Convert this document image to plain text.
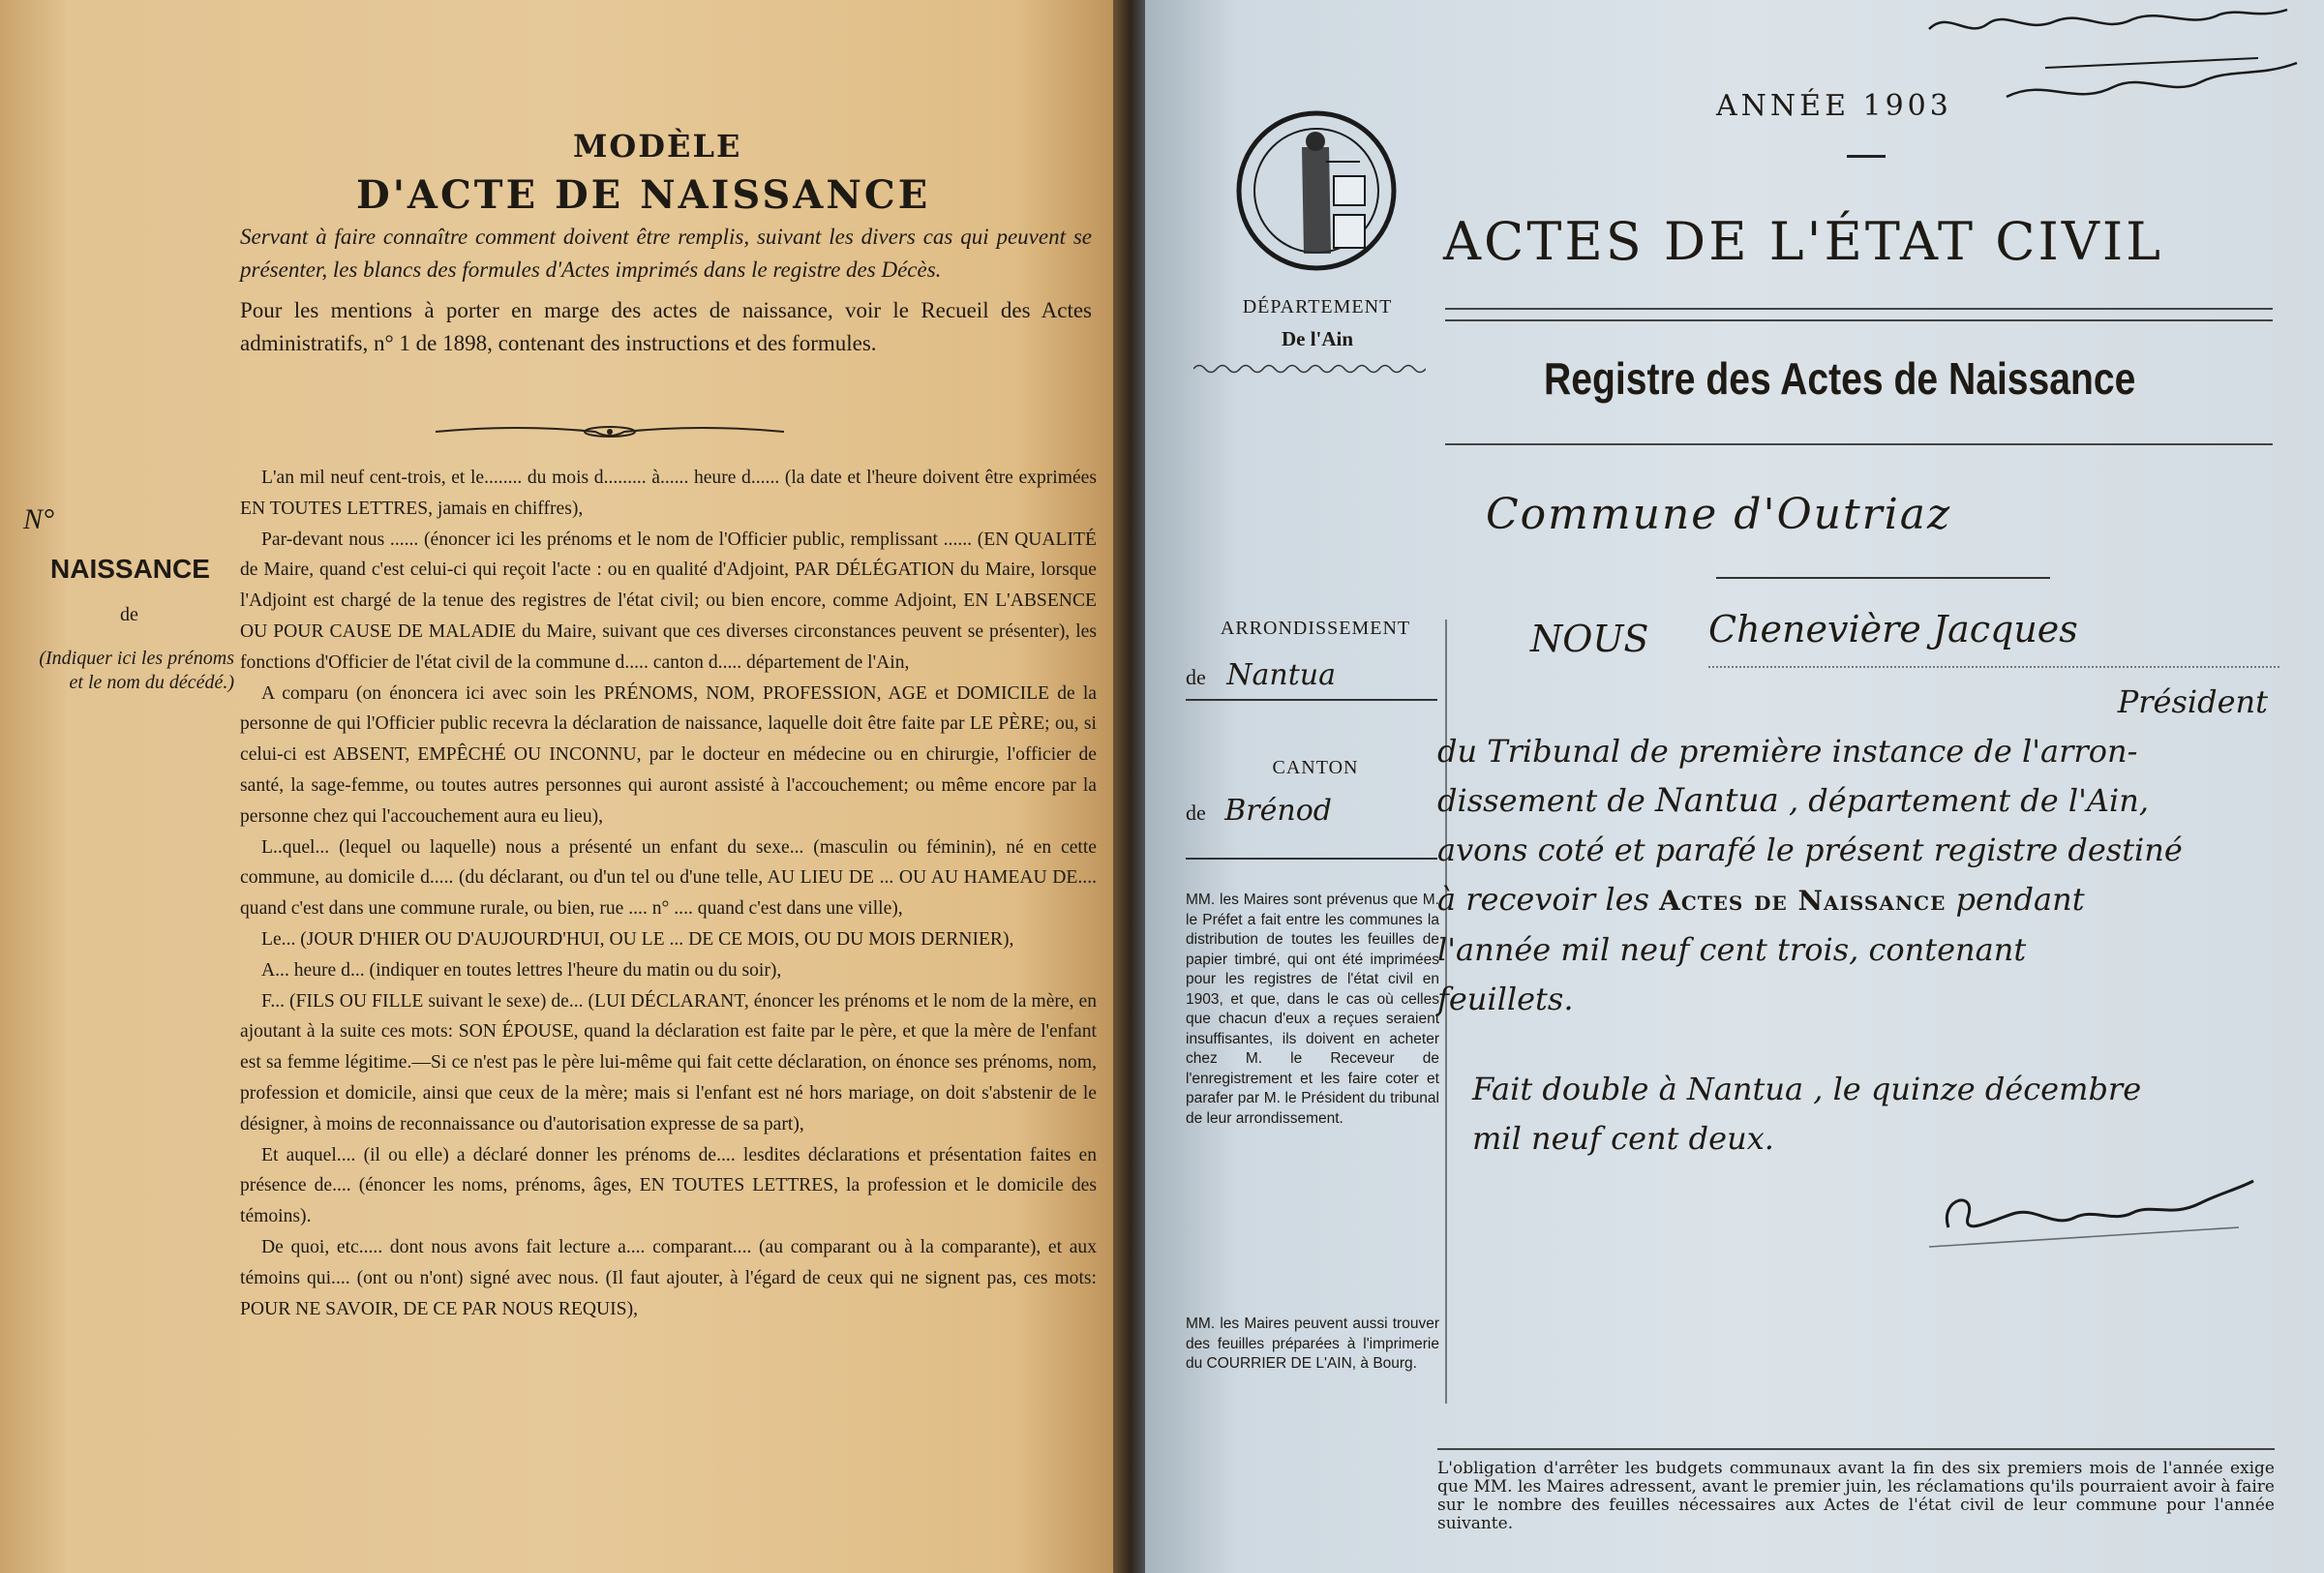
MODÈLE
D'ACTE DE NAISSANCE

Servant à faire connaître comment doivent être remplis, suivant les divers cas qui peuvent se présenter, les blancs des formules d'Actes imprimés dans le registre des Décès.

Pour les mentions à porter en marge des actes de naissance, voir le Recueil des Actes administratifs, n° 1 de 1898, contenant des instructions et des formules.

N°
NAISSANCE
de
(Indiquer ici les prénoms et le nom du décédé.)

L'an mil neuf cent-trois, et le........ du mois d......... à...... heure d...... (la date et l'heure doivent être exprimées EN TOUTES LETTRES, jamais en chiffres),

Par-devant nous ...... (énoncer ici les prénoms et le nom de l'Officier public, remplissant ...... (EN QUALITÉ de Maire, quand c'est celui-ci qui reçoit l'acte : ou en qualité d'Adjoint, PAR DÉLÉGATION du Maire, lorsque l'Adjoint est chargé de la tenue des registres de l'état civil; ou bien encore, comme Adjoint, EN L'ABSENCE OU POUR CAUSE DE MALADIE du Maire, suivant que ces diverses circonstances peuvent se présenter), les fonctions d'Officier de l'état civil de la commune d..... canton d..... département de l'Ain,

A comparu (on énoncera ici avec soin les PRÉNOMS, NOM, PROFESSION, AGE et DOMICILE de la personne de qui l'Officier public recevra la déclaration de naissance, laquelle doit être faite par LE PÈRE; ou, si celui-ci est ABSENT, EMPÊCHÉ OU INCONNU, par le docteur en médecine ou en chirurgie, l'officier de santé, la sage-femme, ou toutes autres personnes qui auront assisté à l'accouchement; ou même encore par la personne chez qui l'accouchement aura eu lieu),

L..quel... (lequel ou laquelle) nous a présenté un enfant du sexe... (masculin ou féminin), né en cette commune, au domicile d..... (du déclarant, ou d'un tel ou d'une telle, AU LIEU DE ... OU AU HAMEAU DE.... quand c'est dans une commune rurale, ou bien, rue .... n° .... quand c'est dans une ville),

Le... (JOUR D'HIER OU D'AUJOURD'HUI, OU LE ... DE CE MOIS, OU DU MOIS DERNIER),

A... heure d... (indiquer en toutes lettres l'heure du matin ou du soir),

F... (FILS OU FILLE suivant le sexe) de... (LUI DÉCLARANT, énoncer les prénoms et le nom de la mère, en ajoutant à la suite ces mots: SON ÉPOUSE, quand la déclaration est faite par le père, et que la mère de l'enfant est sa femme légitime.—Si ce n'est pas le père lui-même qui fait cette déclaration, on énonce ses prénoms, nom, profession et domicile, ainsi que ceux de la mère; mais si l'enfant est né hors mariage, on doit s'abstenir de le désigner, à moins de reconnaissance ou d'autorisation expresse de sa part),

Et auquel.... (il ou elle) a déclaré donner les prénoms de.... lesdites déclarations et présentation faites en présence de.... (énoncer les noms, prénoms, âges, EN TOUTES LETTRES, la profession et le domicile des témoins).

De quoi, etc..... dont nous avons fait lecture a.... comparant.... (au comparant ou à la comparante), et aux témoins qui.... (ont ou n'ont) signé avec nous. (Il faut ajouter, à l'égard de ceux qui ne signent pas, ces mots: POUR NE SAVOIR, DE CE PAR NOUS REQUIS),

DÉPARTEMENT
De l'Ain
ARRONDISSEMENT
de Nantua
CANTON
de Brénod
MM. les Maires sont prévenus que M. le Préfet a fait entre les communes la distribution de toutes les feuilles de papier timbré, qui ont été imprimées pour les registres de l'état civil en 1903, et que, dans le cas où celles que chacun d'eux a reçues seraient insuffisantes, ils doivent en acheter chez M. le Receveur de l'enregistrement et les faire coter et parafer par M. le Président du tribunal de leur arrondissement.
MM. les Maires peuvent aussi trouver des feuilles préparées à l'imprimerie du COURRIER DE L'AIN, à Bourg.
ANNÉE 1903
ACTES DE L'ÉTAT CIVIL
Registre des Actes de Naissance
Commune d'Outriaz
NOUS Chenevière Jacques
Président
du Tribunal de première instance de l'arron-
dissement de Nantua , département de l'Ain,
avons coté et parafé le présent registre destiné
à recevoir les Actes de Naissance pendant
l'année mil neuf cent trois, contenant
feuillets.
Fait double à Nantua , le quinze décembre
mil neuf cent deux.
L'obligation d'arrêter les budgets communaux avant la fin des six premiers mois de l'année exige que MM. les Maires adressent, avant le premier juin, les réclamations qu'ils pourraient avoir à faire sur le nombre des feuilles nécessaires aux Actes de l'état civil de leur commune pour l'année suivante.
